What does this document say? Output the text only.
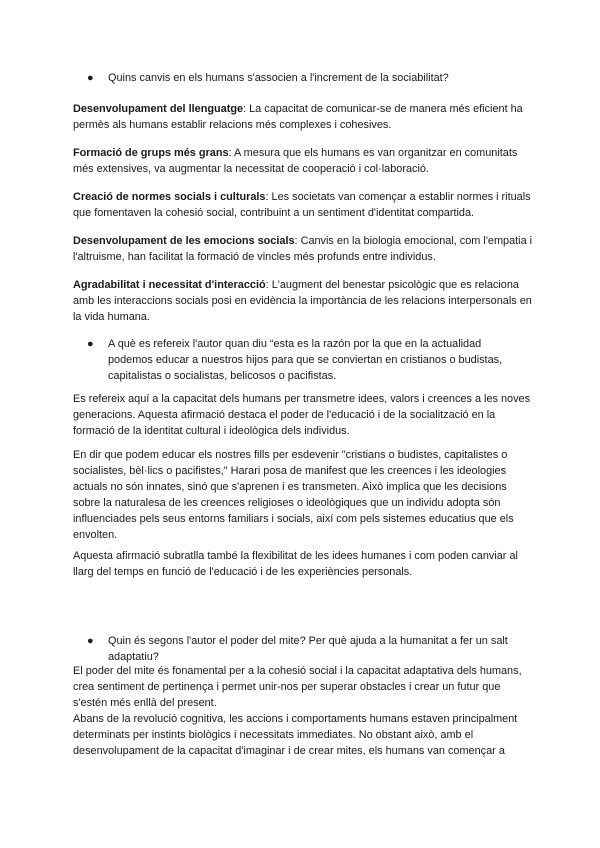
●	Quins canvis en els humans s'associen a l'increment de la sociabilitat?

Desenvolupament del llenguatge: La capacitat de comunicar-se de manera més eficient ha permès als humans establir relacions més complexes i cohesives.

Formació de grups més grans: A mesura que els humans es van organitzar en comunitats més extensives, va augmentar la necessitat de cooperació i col·laboració.

Creació de normes socials i culturals: Les societats van començar a establir normes i rituals que fomentaven la cohesió social, contribuint a un sentiment d'identitat compartida.

Desenvolupament de les emocions socials: Canvis en la biologia emocional, com l'empatia i l'altruisme, han facilitat la formació de vincles més profunds entre individus.

Agradabilitat i necessitat d'interacció: L'augment del benestar psicològic que es relaciona amb les interaccions socials posi en evidència la importància de les relacions interpersonals en la vida humana.

●	A què es refereix l'autor quan diu “esta es la razón por la que en la actualidad podemos educar a nuestros hijos para que se conviertan en cristianos o budistas, capitalistas o socialistas, belicosos o pacifistas.

Es refereix aquí a la capacitat dels humans per transmetre idees, valors i creences a les noves generacions. Aquesta afirmació destaca el poder de l'educació i de la socialització en la formació de la identitat cultural i ideològica dels individus.

En dir que podem educar els nostres fills per esdevenir "cristians o budistes, capitalistes o socialistes, bèl·lics o pacifistes," Harari posa de manifest que les creences i les ideologies actuals no són innates, sinó que s'aprenen i es transmeten. Això implica que les decisions sobre la naturalesa de les creences religioses o ideològiques que un individu adopta són influenciades pels seus entorns familiars i socials, així com pels sistemes educatius que els envolten.

Aquesta afirmació subratlla també la flexibilitat de les idees humanes i com poden canviar al llarg del temps en funció de l'educació i de les experiències personals.

●	Quin és segons l'autor el poder del mite? Per què ajuda a la humanitat a fer un salt adaptatiu?

El poder del mite és fonamental per a la cohesió social i la capacitat adaptativa dels humans, crea sentiment de pertinença i permet unir-nos per superar obstacles i crear un futur que s'estén més enllà del present.

Abans de la revolució cognitiva, les accions i comportaments humans estaven principalment determinats per instints biològics i necessitats immediates. No obstant això, amb el desenvolupament de la capacitat d'imaginar i de crear mites, els humans van començar a
